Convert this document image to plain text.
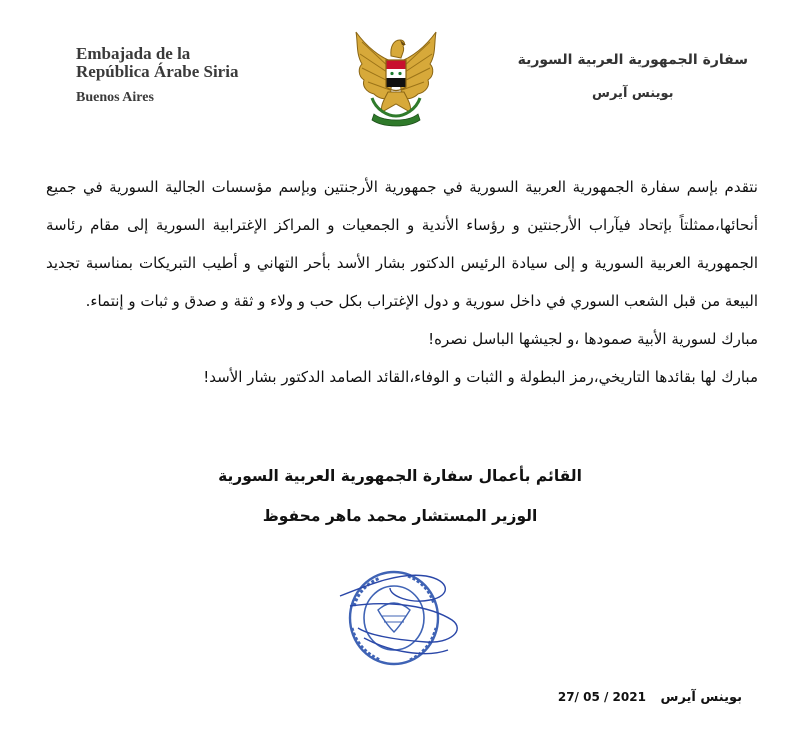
Embajada de la
República Árabe Siria
Buenos Aires
سفارة الجمهورية العربية السورية
بوينس آيرس

نتقدم بإسم سفارة الجمهورية العربية السورية في جمهورية الأرجنتين وبإسم مؤسسات الجالية السورية في جميع أنحائها،ممثلتاً بإتحاد فيآراب الأرجنتين و رؤساء الأندية و الجمعيات و المراكز الإغترابية السورية إلى مقام رئاسة الجمهورية العربية السورية و إلى سيادة الرئيس الدكتور بشار الأسد بأحر التهاني و أطيب التبريكات بمناسبة تجديد البيعة من قبل الشعب السوري في داخل سورية و دول الإغتراب بكل حب و ولاء و ثقة و صدق و ثبات و إنتماء.

مبارك لسورية الأبية صمودها ،و لجيشها الباسل نصره!

مبارك لها بقائدها التاريخي،رمز البطولة و الثبات و الوفاء،القائد الصامد الدكتور بشار الأسد!

القائم بأعمال سفارة الجمهورية العربية السورية
الوزير المستشار محمد ماهر محفوظ
بوينس آيرس 27/ 05 / 2021
